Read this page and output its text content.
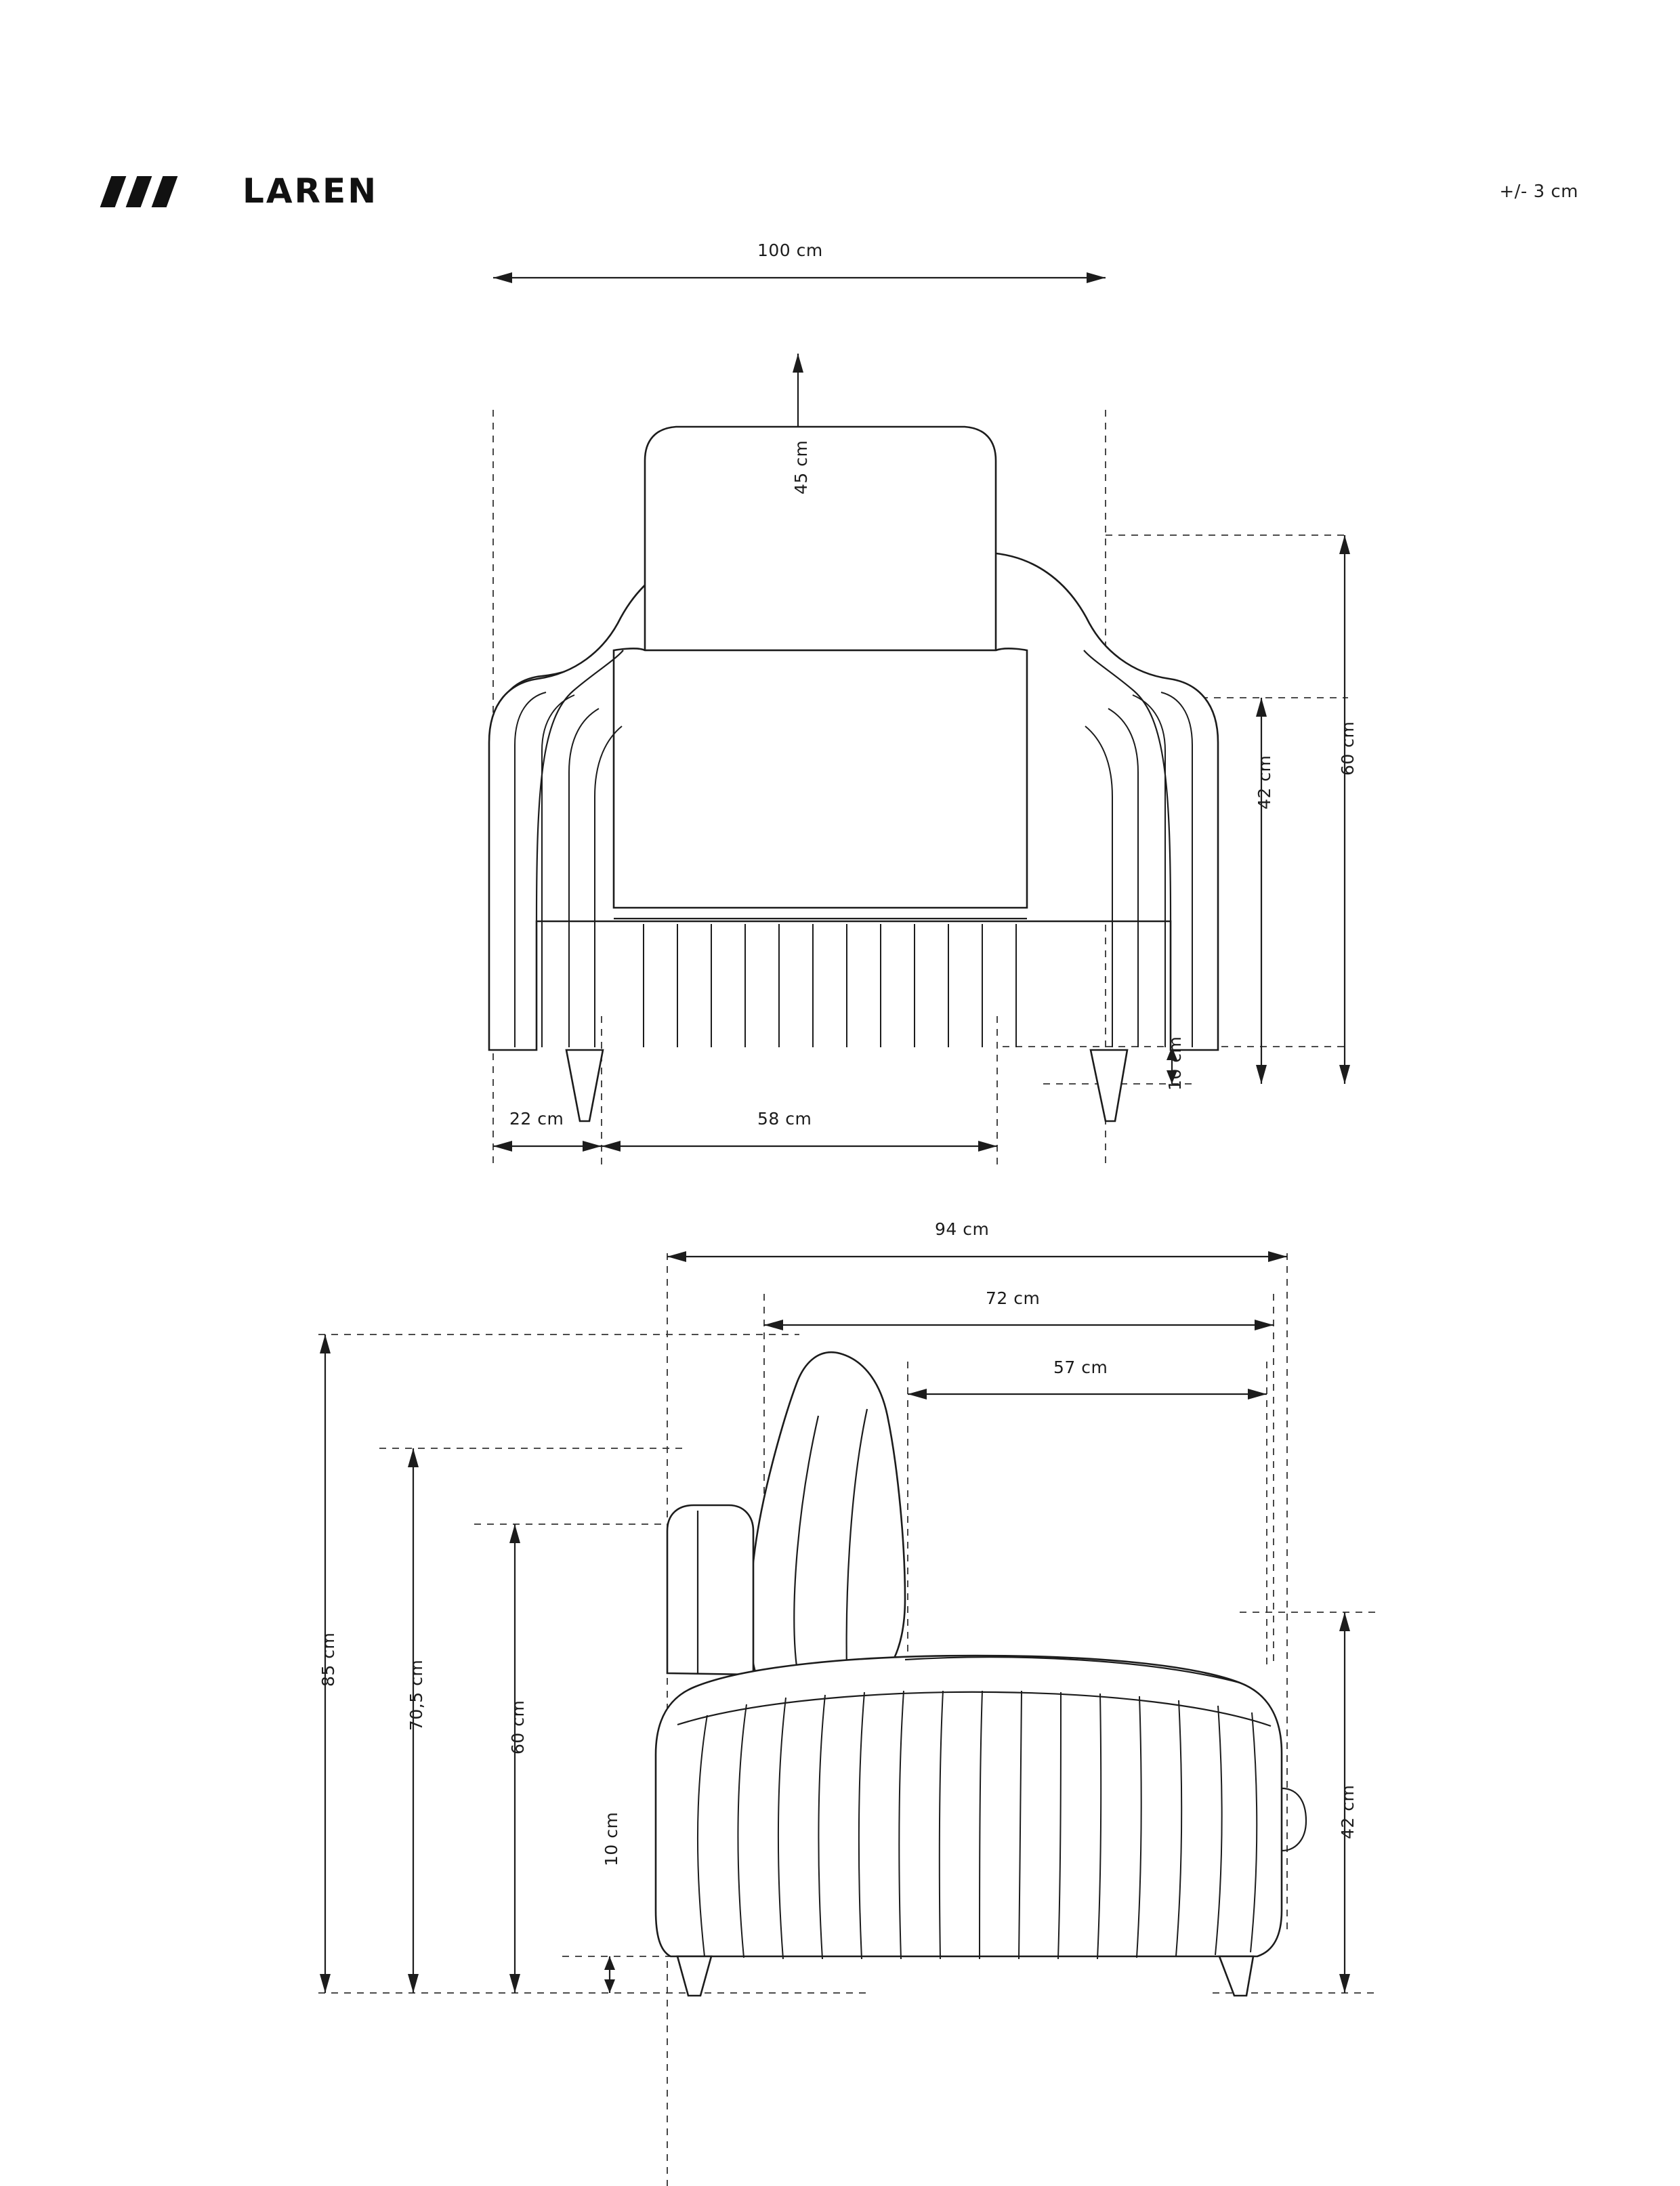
LAREN	+/- 3 cm
100 cm
45 cm
60 cm
42 cm
10 cm
22 cm	58 cm
94 cm
72 cm
57 cm
85 cm	70,5 cm	60 cm
10 cm	42 cm
